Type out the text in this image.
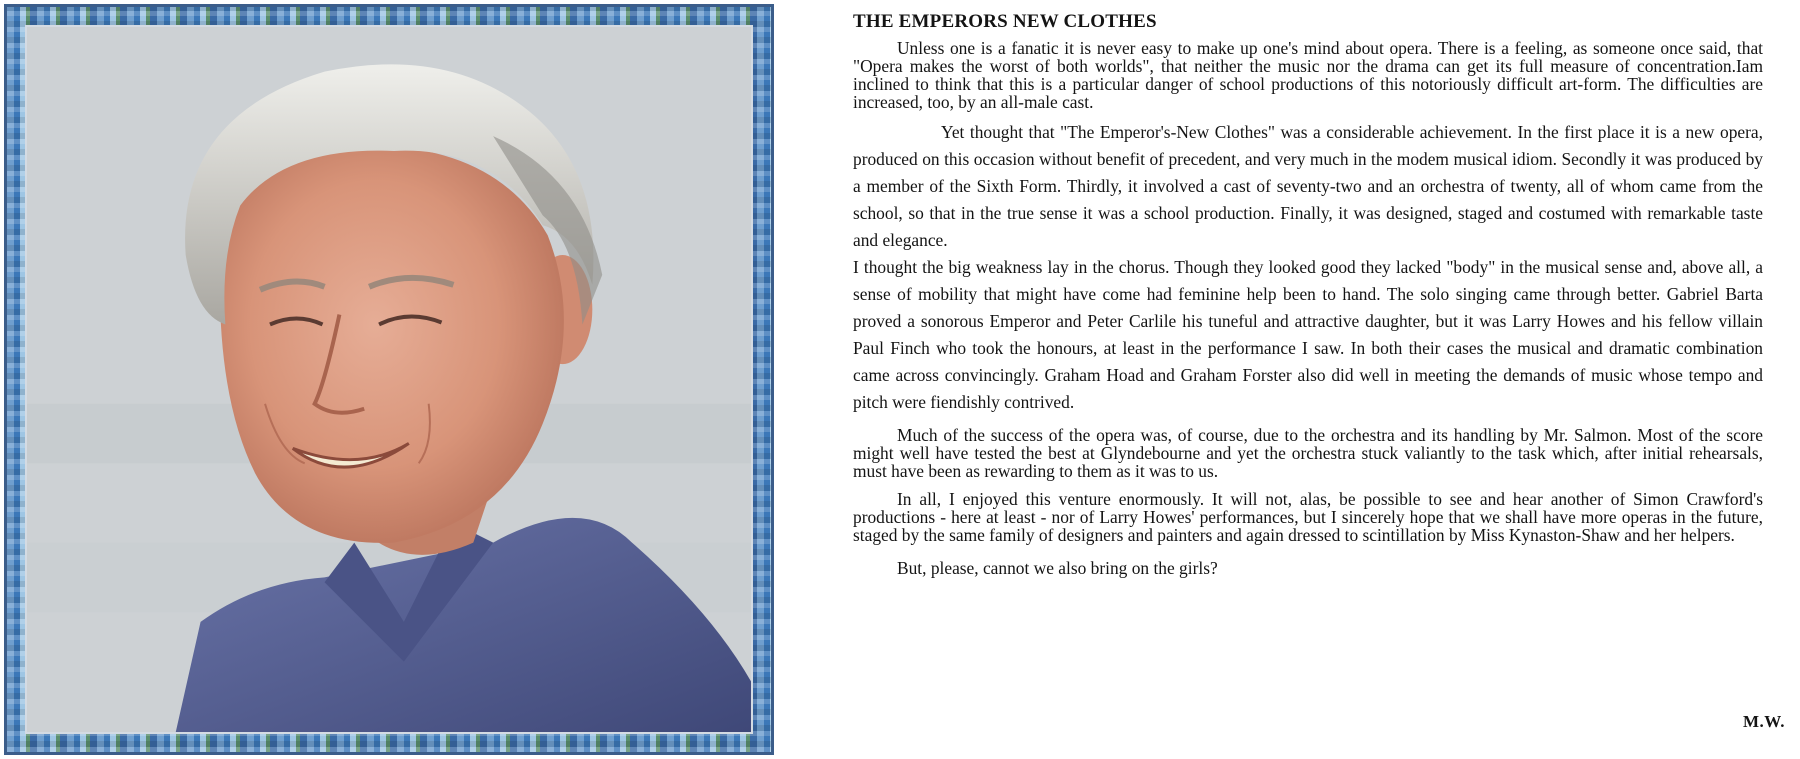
THE EMPERORS NEW CLOTHES

Unless one is a fanatic it is never easy to make up one's mind about opera. There is a feeling, as someone once said, that "Opera makes the worst of both worlds", that neither the music nor the drama can get its full measure of concentration.Iam inclined to think that this is a particular danger of school productions of this notoriously difficult art-form. The difficulties are increased, too, by an all-male cast.

Yet thought that "The Emperor's-New Clothes" was a considerable achievement. In the first place it is a new opera, produced on this occasion without benefit of precedent, and very much in the modem musical idiom. Secondly it was produced by a member of the Sixth Form. Thirdly, it involved a cast of seventy-two and an orchestra of twenty, all of whom came from the school, so that in the true sense it was a school production. Finally, it was designed, staged and costumed with remarkable taste and elegance.

I thought the big weakness lay in the chorus. Though they looked good they lacked "body" in the musical sense and, above all, a sense of mobility that might have come had feminine help been to hand. The solo singing came through better. Gabriel Barta proved a sonorous Emperor and Peter Carlile his tuneful and attractive daughter, but it was Larry Howes and his fellow villain Paul Finch who took the honours, at least in the performance I saw. In both their cases the musical and dramatic combination came across convincingly. Graham Hoad and Graham Forster also did well in meeting the demands of music whose tempo and pitch were fiendishly contrived.

Much of the success of the opera was, of course, due to the orchestra and its handling by Mr. Salmon. Most of the score might well have tested the best at Glyndebourne and yet the orchestra stuck valiantly to the task which, after initial rehearsals, must have been as rewarding to them as it was to us.

In all, I enjoyed this venture enormously. It will not, alas, be possible to see and hear another of Simon Crawford's productions - here at least - nor of Larry Howes' performances, but I sincerely hope that we shall have more operas in the future, staged by the same family of designers and painters and again dressed to scintillation by Miss Kynaston-Shaw and her helpers.

But, please, cannot we also bring on the girls?

M.W.
